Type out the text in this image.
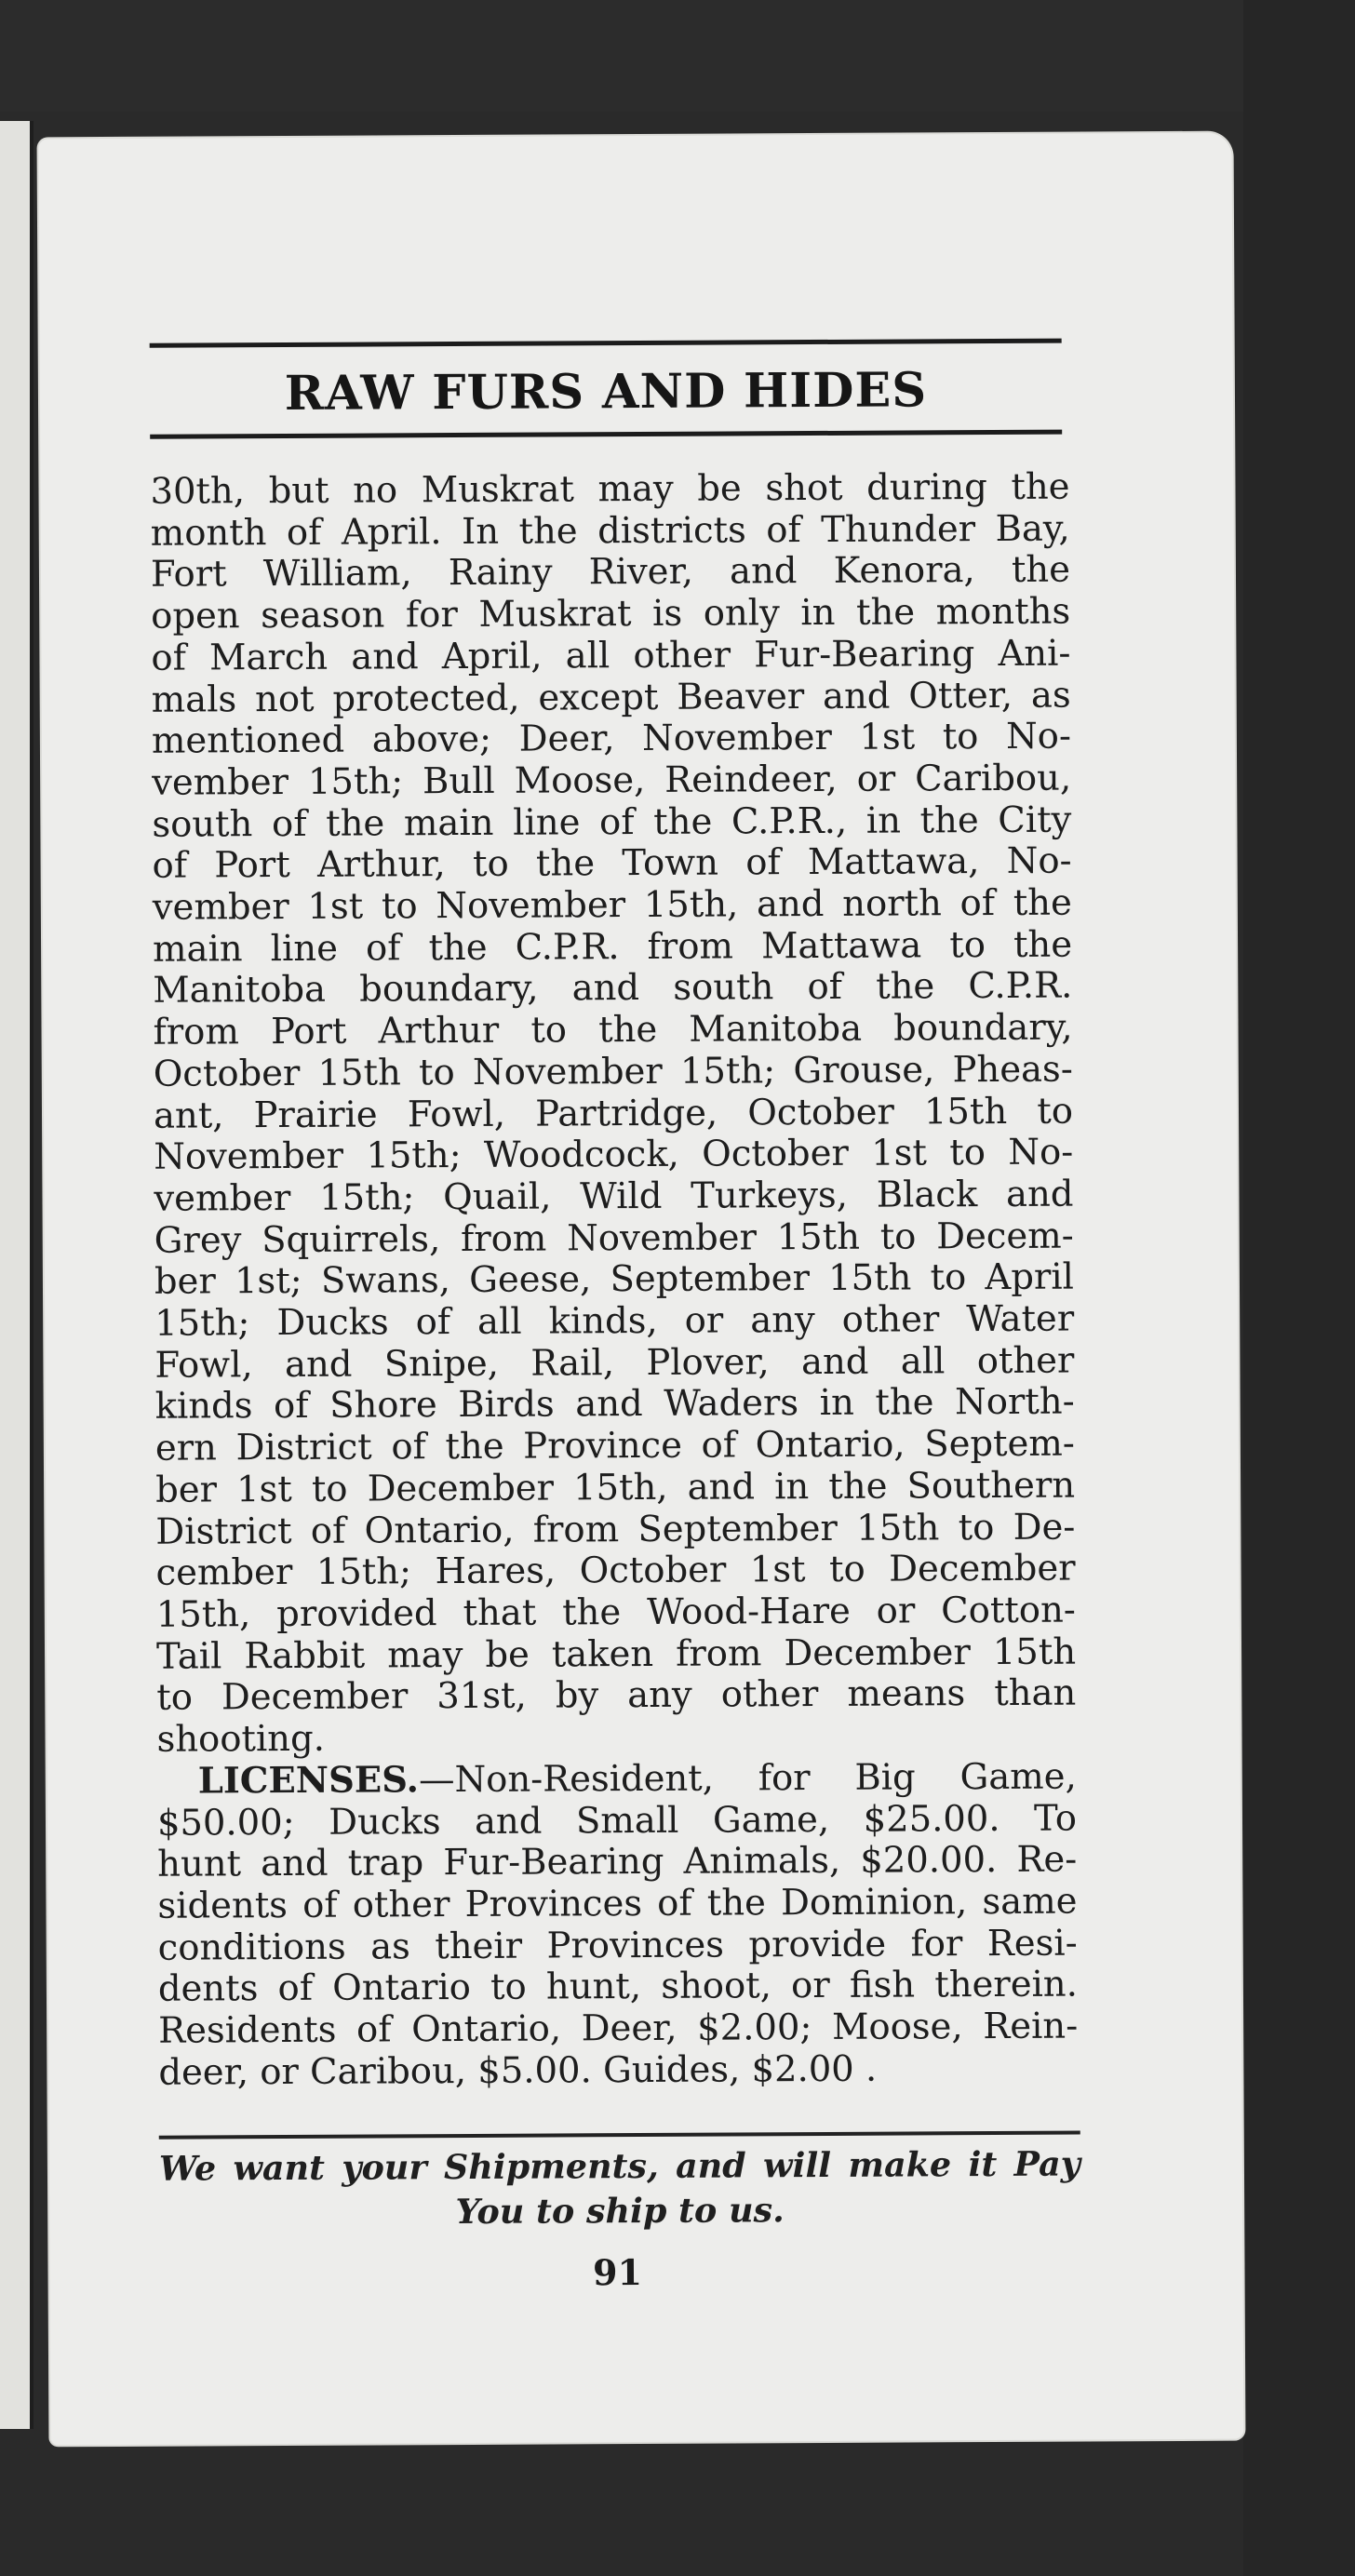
RAW FURS AND HIDES
30th, but no Muskrat may be shot during the
month of April. In the districts of Thunder Bay,
Fort William, Rainy River, and Kenora, the
open season for Muskrat is only in the months
of March and April, all other Fur-Bearing Ani-
mals not protected, except Beaver and Otter, as
mentioned above; Deer, November 1st to No-
vember 15th; Bull Moose, Reindeer, or Caribou,
south of the main line of the C.P.R., in the City
of Port Arthur, to the Town of Mattawa, No-
vember 1st to November 15th, and north of the
main line of the C.P.R. from Mattawa to the
Manitoba boundary, and south of the C.P.R.
from Port Arthur to the Manitoba boundary,
October 15th to November 15th; Grouse, Pheas-
ant, Prairie Fowl, Partridge, October 15th to
November 15th; Woodcock, October 1st to No-
vember 15th; Quail, Wild Turkeys, Black and
Grey Squirrels, from November 15th to Decem-
ber 1st; Swans, Geese, September 15th to April
15th; Ducks of all kinds, or any other Water
Fowl, and Snipe, Rail, Plover, and all other
kinds of Shore Birds and Waders in the North-
ern District of the Province of Ontario, Septem-
ber 1st to December 15th, and in the Southern
District of Ontario, from September 15th to De-
cember 15th; Hares, October 1st to December
15th, provided that the Wood-Hare or Cotton-
Tail Rabbit may be taken from December 15th
to December 31st, by any other means than
shooting.
LICENSES.—Non-Resident, for Big Game,
$50.00; Ducks and Small Game, $25.00. To
hunt and trap Fur-Bearing Animals, $20.00. Re-
sidents of other Provinces of the Dominion, same
conditions as their Provinces provide for Resi-
dents of Ontario to hunt, shoot, or fish therein.
Residents of Ontario, Deer, $2.00; Moose, Rein-
deer, or Caribou, $5.00. Guides, $2.00 .
We want your Shipments, and will make it Pay
You to ship to us.
91
